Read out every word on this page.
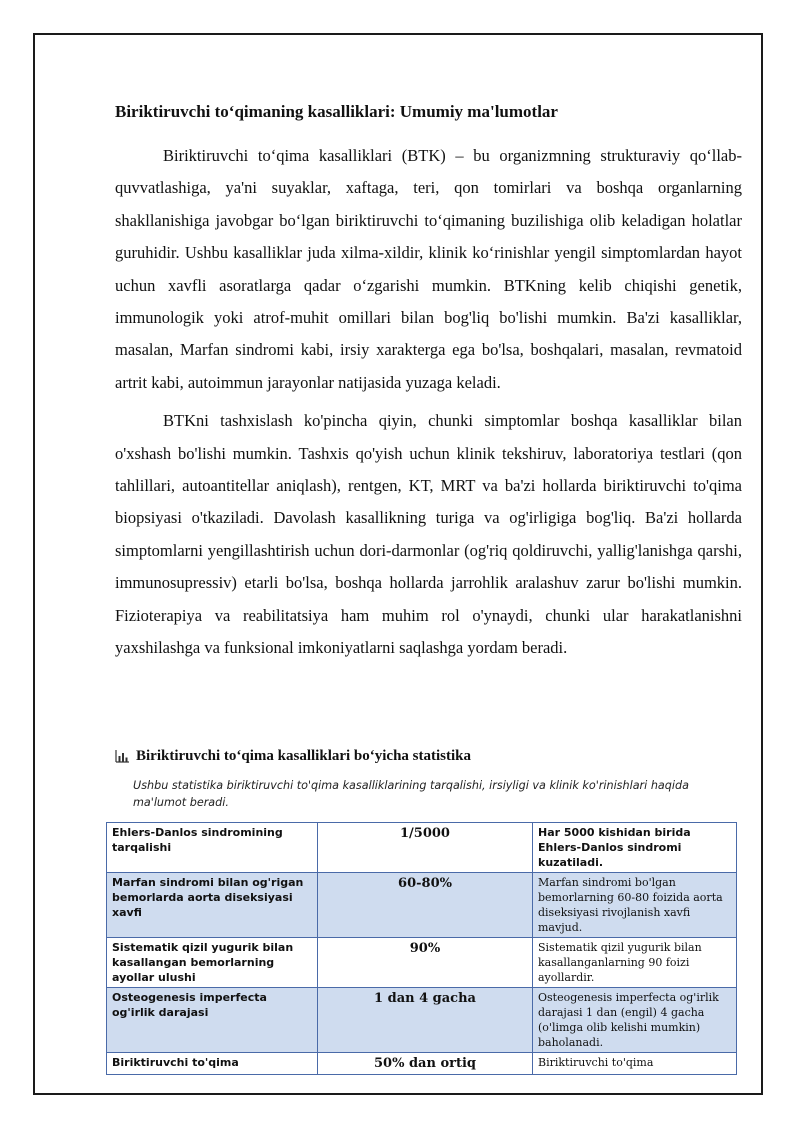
Biriktiruvchi to‘qimaning kasalliklari: Umumiy ma'lumotlar

Biriktiruvchi to‘qima kasalliklari (BTK) – bu organizmning strukturaviy qo‘llab-quvvatlashiga, ya'ni suyaklar, xaftaga, teri, qon tomirlari va boshqa organlarning shakllanishiga javobgar bo‘lgan biriktiruvchi to‘qimaning buzilishiga olib keladigan holatlar guruhidir. Ushbu kasalliklar juda xilma-xildir, klinik ko‘rinishlar yengil simptomlardan hayot uchun xavfli asoratlarga qadar o‘zgarishi mumkin. BTKning kelib chiqishi genetik, immunologik yoki atrof-muhit omillari bilan bog'liq bo'lishi mumkin. Ba'zi kasalliklar, masalan, Marfan sindromi kabi, irsiy xarakterga ega bo'lsa, boshqalari, masalan, revmatoid artrit kabi, autoimmun jarayonlar natijasida yuzaga keladi.

BTKni tashxislash ko'pincha qiyin, chunki simptomlar boshqa kasalliklar bilan o'xshash bo'lishi mumkin. Tashxis qo'yish uchun klinik tekshiruv, laboratoriya testlari (qon tahlillari, autoantitellar aniqlash), rentgen, KT, MRT va ba'zi hollarda biriktiruvchi to'qima biopsiyasi o'tkaziladi. Davolash kasallikning turiga va og'irligiga bog'liq. Ba'zi hollarda simptomlarni yengillashtirish uchun dori-darmonlar (og'riq qoldiruvchi, yallig'lanishga qarshi, immunosupressiv) etarli bo'lsa, boshqa hollarda jarrohlik aralashuv zarur bo'lishi mumkin. Fizioterapiya va reabilitatsiya ham muhim rol o'ynaydi, chunki ular harakatlanishni yaxshilashga va funksional imkoniyatlarni saqlashga yordam beradi.

Biriktiruvchi to‘qima kasalliklari bo‘yicha statistika
Ushbu statistika biriktiruvchi to'qima kasalliklarining tarqalishi, irsiyligi va klinik ko'rinishlari haqida ma'lumot beradi.
Ehlers-Danlos sindromining tarqalishi	1/5000	Har 5000 kishidan birida Ehlers-Danlos sindromi kuzatiladi.
Marfan sindromi bilan og'rigan bemorlarda aorta diseksiyasi xavfi	60-80%	Marfan sindromi bo'lgan bemorlarning 60-80 foizida aorta diseksiyasi rivojlanish xavfi mavjud.
Sistematik qizil yugurik bilan kasallangan bemorlarning ayollar ulushi	90%	Sistematik qizil yugurik bilan kasallanganlarning 90 foizi ayollardir.
Osteogenesis imperfecta og'irlik darajasi	1 dan 4 gacha	Osteogenesis imperfecta og'irlik darajasi 1 dan (engil) 4 gacha (o'limga olib kelishi mumkin) baholanadi.
Biriktiruvchi to'qima	50% dan ortiq	Biriktiruvchi to'qima
